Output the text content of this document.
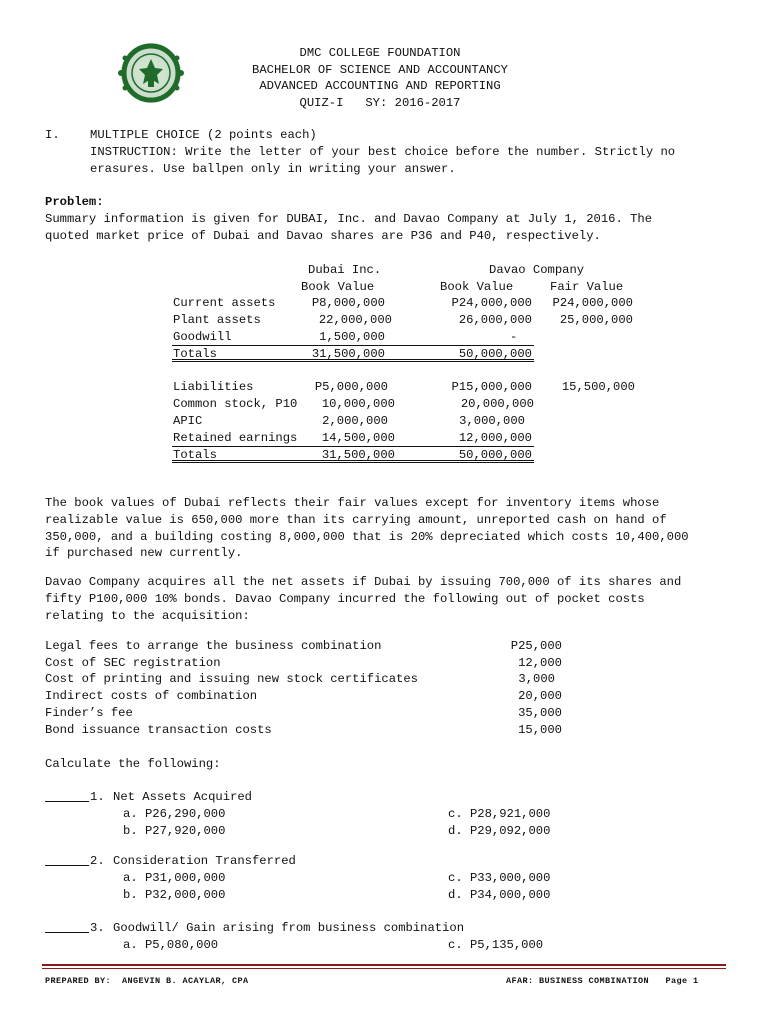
DMC COLLEGE FOUNDATION
BACHELOR OF SCIENCE AND ACCOUNTANCY
ADVANCED ACCOUNTING AND REPORTING
QUIZ-I   SY: 2016-2017
I. MULTIPLE CHOICE (2 points each)
INSTRUCTION: Write the letter of your best choice before the number. Strictly no
erasures. Use ballpen only in writing your answer.
Problem:
Summary information is given for DUBAI, Inc. and Davao Company at July 1, 2016. The
quoted market price of Dubai and Davao shares are P36 and P40, respectively.
Dubai Inc.	Davao Company
Book Value	Book Value	Fair Value
Current assets	P8,000,000	P24,000,000	P24,000,000
Plant assets	22,000,000	26,000,000	25,000,000
Goodwill	1,500,000	-
Totals	31,500,000	50,000,000
Liabilities	P5,000,000	P15,000,000	15,500,000
Common stock, P10	10,000,000	20,000,000
APIC	2,000,000	3,000,000
Retained earnings	14,500,000	12,000,000
Totals	31,500,000	50,000,000
The book values of Dubai reflects their fair values except for inventory items whose
realizable value is 650,000 more than its carrying amount, unreported cash on hand of
350,000, and a building costing 8,000,000 that is 20% depreciated which costs 10,400,000
if purchased new currently.
Davao Company acquires all the net assets if Dubai by issuing 700,000 of its shares and
fifty P100,000 10% bonds. Davao Company incurred the following out of pocket costs
relating to the acquisition:
Legal fees to arrange the business combination	P25,000
Cost of SEC registration	12,000
Cost of printing and issuing new stock certificates	3,000
Indirect costs of combination	20,000
Finder’s fee	35,000
Bond issuance transaction costs	15,000
Calculate the following:
1. Net Assets Acquired
a. P26,290,000	c. P28,921,000
b. P27,920,000	d. P29,092,000
2. Consideration Transferred
a. P31,000,000	c. P33,000,000
b. P32,000,000	d. P34,000,000
3. Goodwill/ Gain arising from business combination
a. P5,080,000	c. P5,135,000
PREPARED BY:  ANGEVIN B. ACAYLAR, CPA	AFAR: BUSINESS COMBINATION   Page 1
